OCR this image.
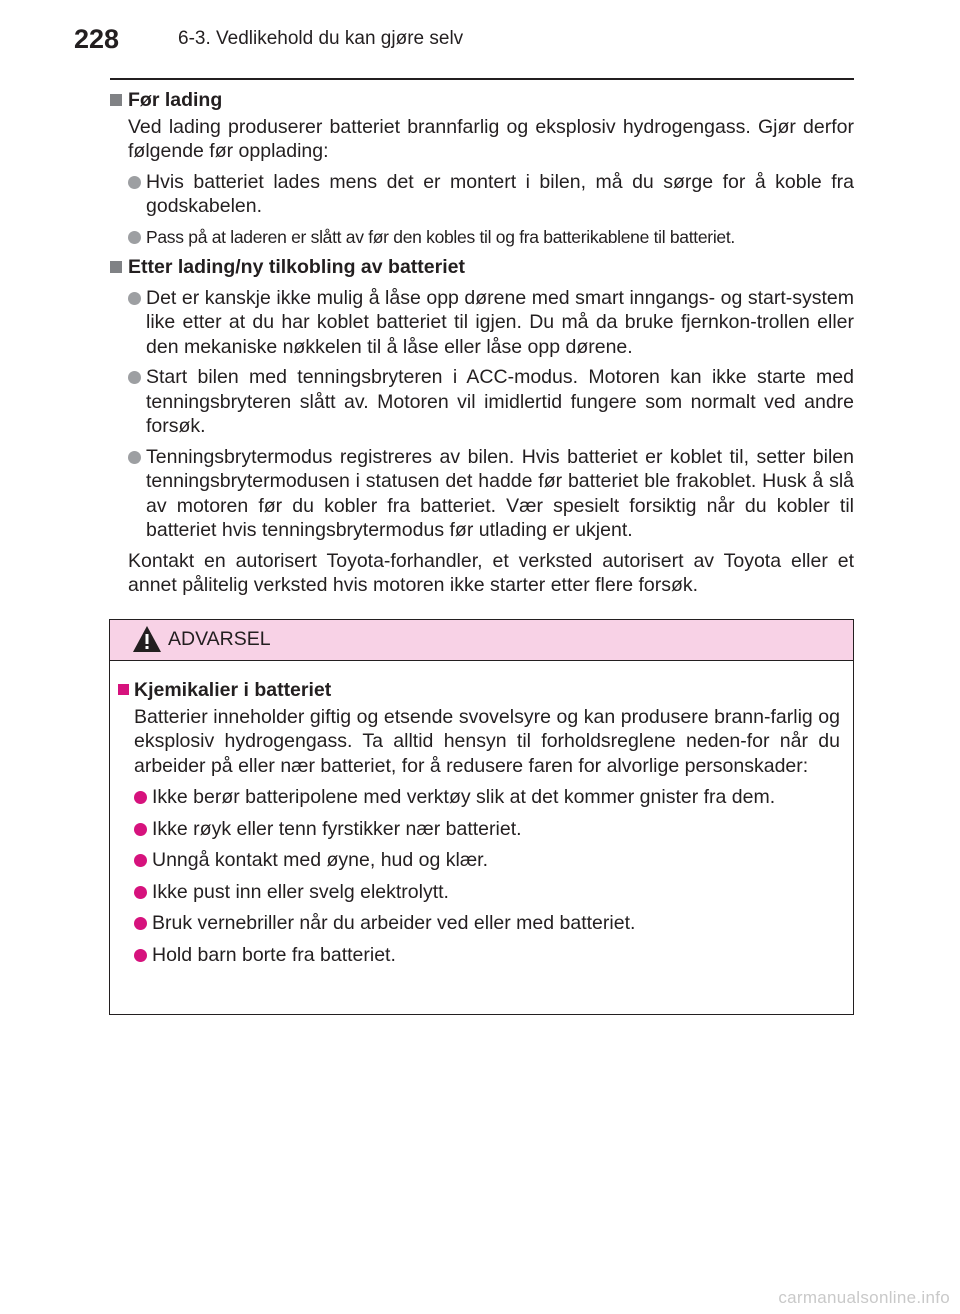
228	6-3. Vedlikehold du kan gjøre selv
Før lading
Ved lading produserer batteriet brannfarlig og eksplosiv hydrogengass. Gjør derfor følgende før opplading:
Hvis batteriet lades mens det er montert i bilen, må du sørge for å koble fra godskabelen.
Pass på at laderen er slått av før den kobles til og fra batterikablene til batteriet.
Etter lading/ny tilkobling av batteriet
Det er kanskje ikke mulig å låse opp dørene med smart inngangs- og start-system like etter at du har koblet batteriet til igjen. Du må da bruke fjernkon-trollen eller den mekaniske nøkkelen til å låse eller låse opp dørene.
Start bilen med tenningsbryteren i ACC-modus. Motoren kan ikke starte med tenningsbryteren slått av. Motoren vil imidlertid fungere som normalt ved andre forsøk.
Tenningsbrytermodus registreres av bilen. Hvis batteriet er koblet til, setter bilen tenningsbrytermodusen i statusen det hadde før batteriet ble frakoblet. Husk å slå av motoren før du kobler fra batteriet. Vær spesielt forsiktig når du kobler til batteriet hvis tenningsbrytermodus før utlading er ukjent.
Kontakt en autorisert Toyota-forhandler, et verksted autorisert av Toyota eller et annet pålitelig verksted hvis motoren ikke starter etter flere forsøk.
ADVARSEL
Kjemikalier i batteriet
Batterier inneholder giftig og etsende svovelsyre og kan produsere brann-farlig og eksplosiv hydrogengass. Ta alltid hensyn til forholdsreglene neden-for når du arbeider på eller nær batteriet, for å redusere faren for alvorlige personskader:
Ikke berør batteripolene med verktøy slik at det kommer gnister fra dem.
Ikke røyk eller tenn fyrstikker nær batteriet.
Unngå kontakt med øyne, hud og klær.
Ikke pust inn eller svelg elektrolytt.
Bruk vernebriller når du arbeider ved eller med batteriet.
Hold barn borte fra batteriet.
carmanualsonline.info
